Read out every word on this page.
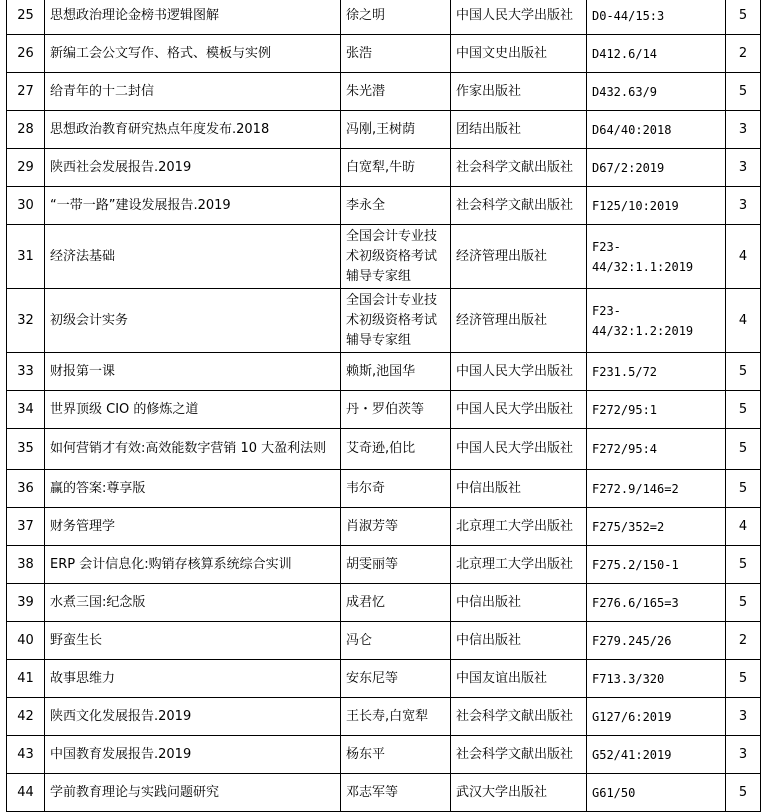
25	思想政治理论金榜书逻辑图解	徐之明	中国人民大学出版社	D0-44/15:3	5
26	新编工会公文写作、格式、模板与实例	张浩	中国文史出版社	D412.6/14	2
27	给青年的十二封信	朱光潜	作家出版社	D432.63/9	5
28	思想政治教育研究热点年度发布.2018	冯刚,王树荫	团结出版社	D64/40:2018	3
29	陕西社会发展报告.2019	白宽犁,牛昉	社会科学文献出版社	D67/2:2019	3
30	“一带一路”建设发展报告.2019	李永全	社会科学文献出版社	F125/10:2019	3
31	经济法基础	全国会计专业技术初级资格考试辅导专家组	经济管理出版社	F23-44/32:1.1:2019	4
32	初级会计实务	全国会计专业技术初级资格考试辅导专家组	经济管理出版社	F23-44/32:1.2:2019	4
33	财报第一课	赖斯,池国华	中国人民大学出版社	F231.5/72	5
34	世界顶级 CIO 的修炼之道	丹・罗伯茨等	中国人民大学出版社	F272/95:1	5
35	如何营销才有效:高效能数字营销 10 大盈利法则	艾奇逊,伯比	中国人民大学出版社	F272/95:4	5
36	赢的答案:尊享版	韦尔奇	中信出版社	F272.9/146=2	5
37	财务管理学	肖淑芳等	北京理工大学出版社	F275/352=2	4
38	ERP 会计信息化:购销存核算系统综合实训	胡雯丽等	北京理工大学出版社	F275.2/150-1	5
39	水煮三国:纪念版	成君忆	中信出版社	F276.6/165=3	5
40	野蛮生长	冯仑	中信出版社	F279.245/26	2
41	故事思维力	安东尼等	中国友谊出版社	F713.3/320	5
42	陕西文化发展报告.2019	王长寿,白宽犁	社会科学文献出版社	G127/6:2019	3
43	中国教育发展报告.2019	杨东平	社会科学文献出版社	G52/41:2019	3
44	学前教育理论与实践问题研究	邓志军等	武汉大学出版社	G61/50	5
